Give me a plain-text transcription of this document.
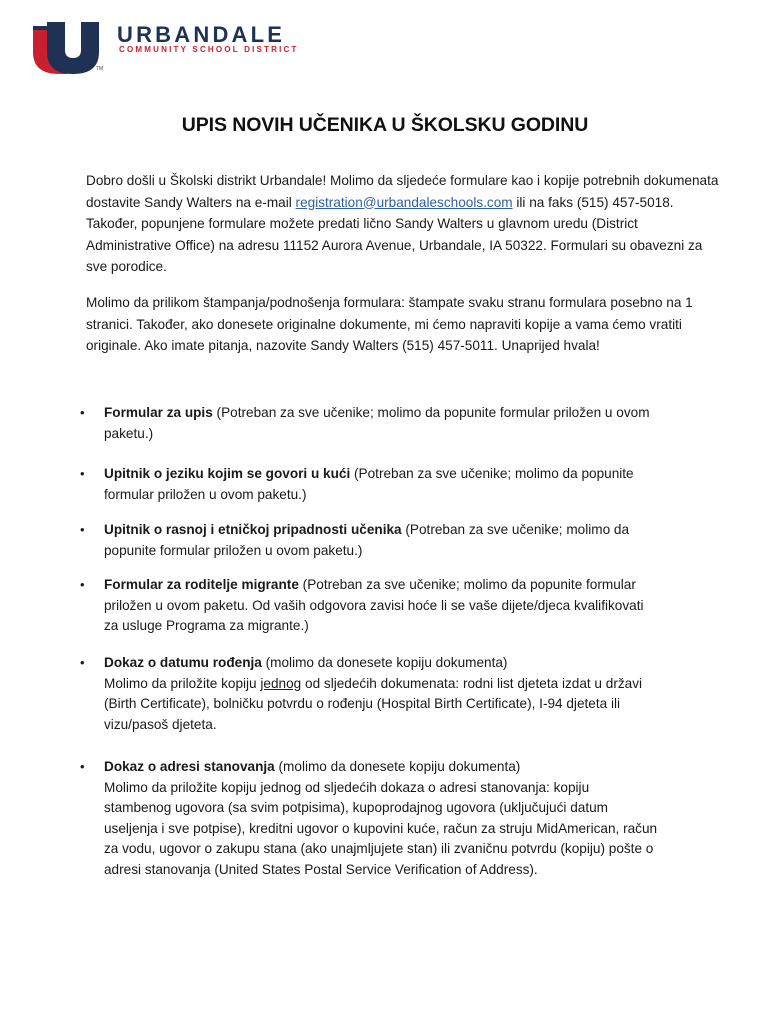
URBANDALE
COMMUNITY SCHOOL DISTRICT
TM
UPIS NOVIH UČENIKA U ŠKOLSKU GODINU

Dobro došli u Školski distrikt Urbandale! Molimo da sljedeće formulare kao i kopije potrebnih dokumenata dostavite Sandy Walters na e-mail registration@urbandaleschools.com ili na faks (515) 457-5018. Također, popunjene formulare možete predati lično Sandy Walters u glavnom uredu (District Administrative Office) na adresu 11152 Aurora Avenue, Urbandale, IA 50322. Formulari su obavezni za sve porodice.

Molimo da prilikom štampanja/podnošenja formulara: štampate svaku stranu formulara posebno na 1 stranici. Također, ako donesete originalne dokumente, mi ćemo napraviti kopije a vama ćemo vratiti originale. Ako imate pitanja, nazovite Sandy Walters (515) 457-5011. Unaprijed hvala!

• Formular za upis (Potreban za sve učenike; molimo da popunite formular priložen u ovom paketu.)
• Upitnik o jeziku kojim se govori u kući (Potreban za sve učenike; molimo da popunite formular priložen u ovom paketu.)
• Upitnik o rasnoj i etničkoj pripadnosti učenika (Potreban za sve učenike; molimo da popunite formular priložen u ovom paketu.)
• Formular za roditelje migrante (Potreban za sve učenike; molimo da popunite formular priložen u ovom paketu. Od vaših odgovora zavisi hoće li se vaše dijete/djeca kvalifikovati za usluge Programa za migrante.)
• Dokaz o datumu rođenja (molimo da donesete kopiju dokumenta)
Molimo da priložite kopiju jednog od sljedećih dokumenata: rodni list djeteta izdat u državi (Birth Certificate), bolničku potvrdu o rođenju (Hospital Birth Certificate), I-94 djeteta ili vizu/pasoš djeteta.
• Dokaz o adresi stanovanja (molimo da donesete kopiju dokumenta)
Molimo da priložite kopiju jednog od sljedećih dokaza o adresi stanovanja: kopiju stambenog ugovora (sa svim potpisima), kupoprodajnog ugovora (uključujući datum useljenja i sve potpise), kreditni ugovor o kupovini kuće, račun za struju MidAmerican, račun za vodu, ugovor o zakupu stana (ako unajmljujete stan) ili zvaničnu potvrdu (kopiju) pošte o adresi stanovanja (United States Postal Service Verification of Address).
